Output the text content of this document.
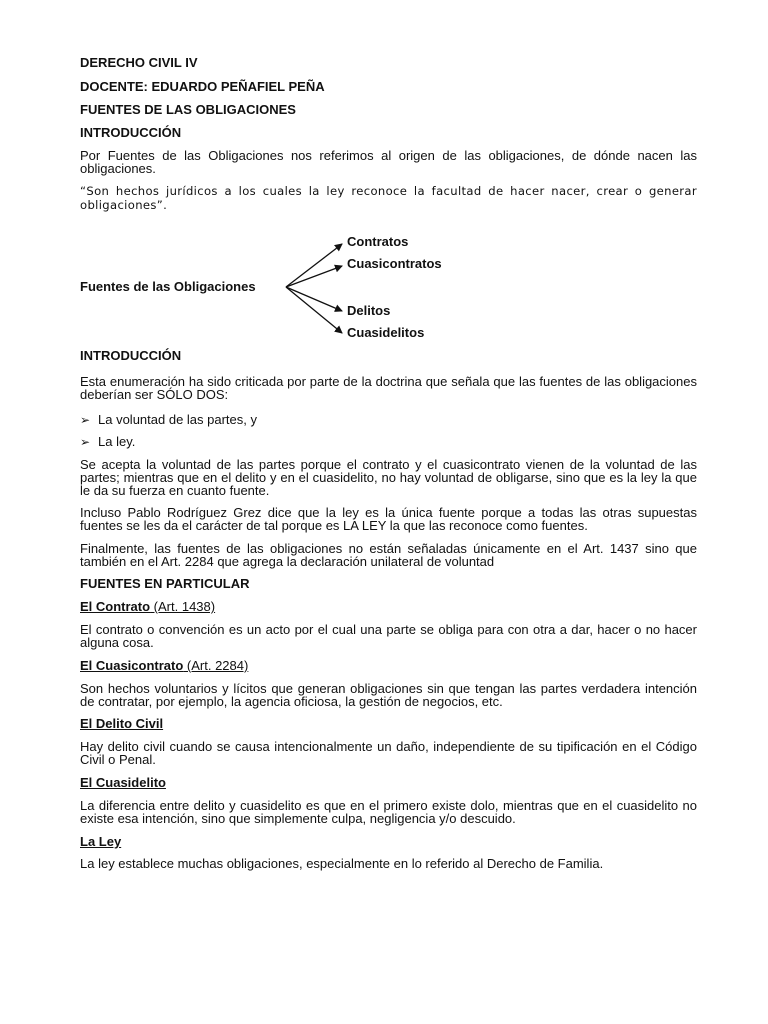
DERECHO CIVIL IV
DOCENTE: EDUARDO PEÑAFIEL PEÑA
FUENTES DE LAS OBLIGACIONES
INTRODUCCIÓN
Por Fuentes de las Obligaciones nos referimos al origen de las obligaciones, de dónde nacen las obligaciones.
“Son hechos jurídicos a los cuales la ley reconoce la facultad de hacer nacer, crear o generar obligaciones”.
Fuentes de las Obligaciones
Contratos
Cuasicontratos
Delitos
Cuasidelitos
INTRODUCCIÓN
Esta enumeración ha sido criticada por parte de la doctrina que señala que las fuentes de las obligaciones deberían ser SÓLO DOS:
➢ La voluntad de las partes, y
➢ La ley.
Se acepta la voluntad de las partes porque el contrato y el cuasicontrato vienen de la voluntad de las partes; mientras que en el delito y en el cuasidelito, no hay voluntad de obligarse, sino que es la ley la que le da su fuerza en cuanto fuente.
Incluso Pablo Rodríguez Grez dice que la ley es la única fuente porque a todas las otras supuestas fuentes se les da el carácter de tal porque es LA LEY la que las reconoce como fuentes.
Finalmente, las fuentes de las obligaciones no están señaladas únicamente en el Art. 1437 sino que también en el Art. 2284 que agrega la declaración unilateral de voluntad
FUENTES EN PARTICULAR
El Contrato (Art. 1438)
El contrato o convención es un acto por el cual una parte se obliga para con otra a dar, hacer o no hacer alguna cosa.
El Cuasicontrato (Art. 2284)
Son hechos voluntarios y lícitos que generan obligaciones sin que tengan las partes verdadera intención de contratar, por ejemplo, la agencia oficiosa, la gestión de negocios, etc.
El Delito Civil
Hay delito civil cuando se causa intencionalmente un daño, independiente de su tipificación en el Código Civil o Penal.
El Cuasidelito
La diferencia entre delito y cuasidelito es que en el primero existe dolo, mientras que en el cuasidelito no existe esa intención, sino que simplemente culpa, negligencia y/o descuido.
La Ley
La ley establece muchas obligaciones, especialmente en lo referido al Derecho de Familia.
